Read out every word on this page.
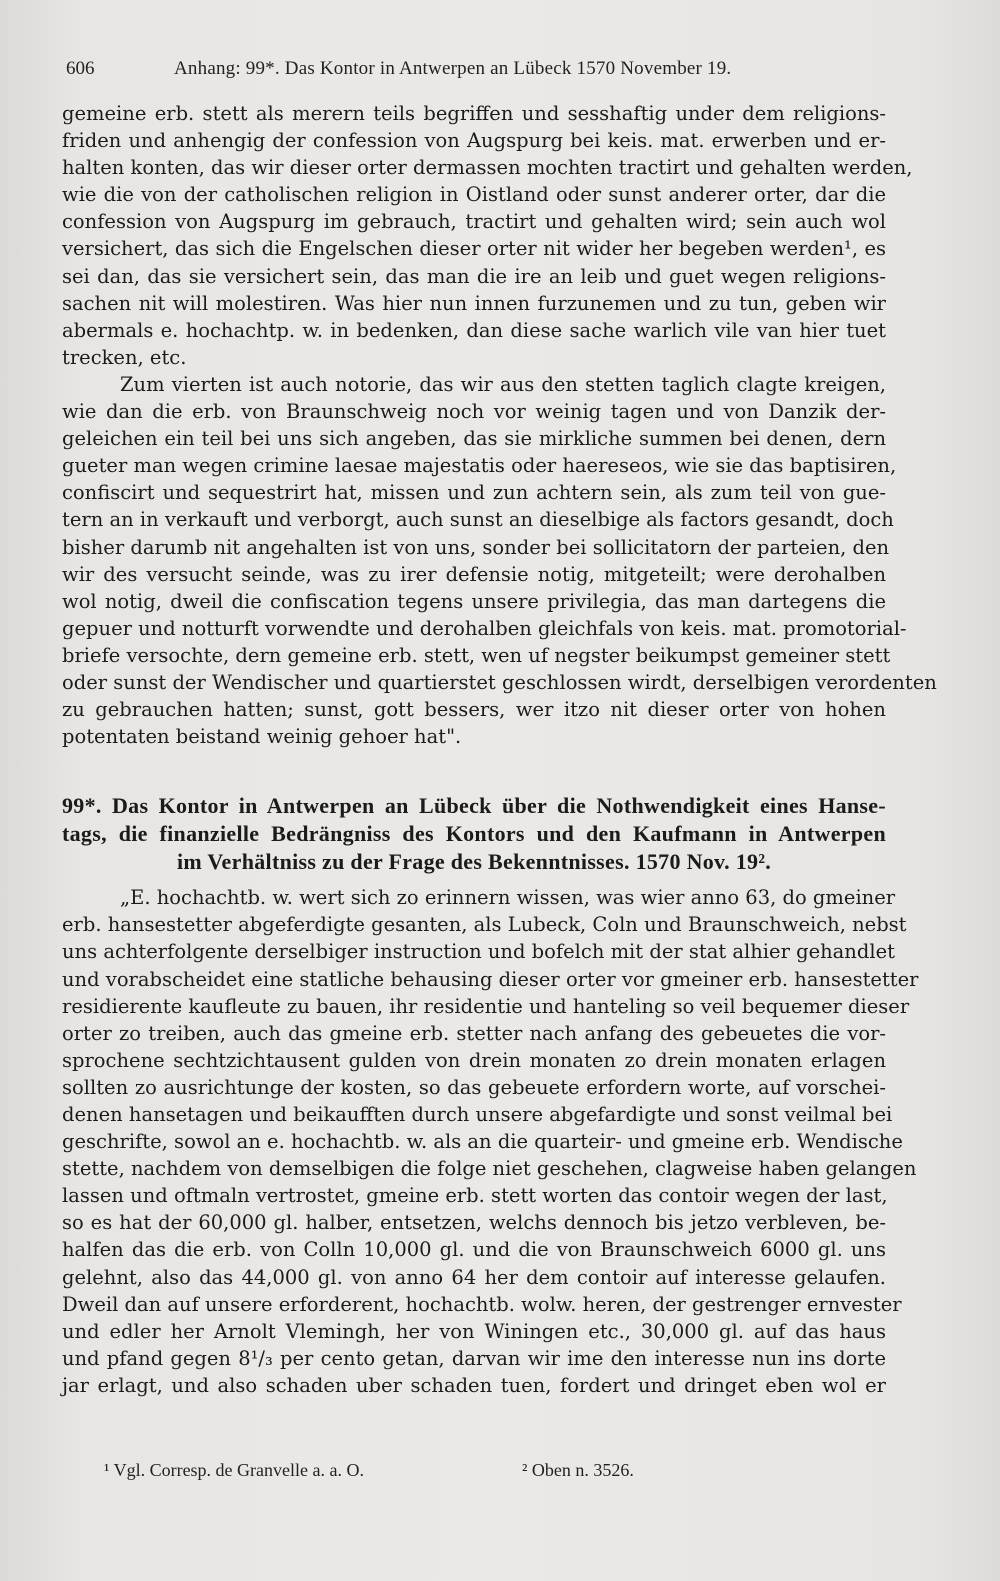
606	Anhang: 99*. Das Kontor in Antwerpen an Lübeck 1570 November 19.
gemeine erb. stett als merern teils begriffen und sesshaftig under dem religions-
friden und anhengig der confession von Augspurg bei keis. mat. erwerben und er-
halten konten, das wir dieser orter dermassen mochten tractirt und gehalten werden,
wie die von der catholischen religion in Oistland oder sunst anderer orter, dar die
confession von Augspurg im gebrauch, tractirt und gehalten wird; sein auch wol
versichert, das sich die Engelschen dieser orter nit wider her begeben werden¹, es
sei dan, das sie versichert sein, das man die ire an leib und guet wegen religions-
sachen nit will molestiren. Was hier nun innen furzunemen und zu tun, geben wir
abermals e. hochachtp. w. in bedenken, dan diese sache warlich vile van hier tuet
trecken, etc.
Zum vierten ist auch notorie, das wir aus den stetten taglich clagte kreigen,
wie dan die erb. von Braunschweig noch vor weinig tagen und von Danzik der-
geleichen ein teil bei uns sich angeben, das sie mirkliche summen bei denen, dern
gueter man wegen crimine laesae majestatis oder haereseos, wie sie das baptisiren,
confiscirt und sequestrirt hat, missen und zun achtern sein, als zum teil von gue-
tern an in verkauft und verborgt, auch sunst an dieselbige als factors gesandt, doch
bisher darumb nit angehalten ist von uns, sonder bei sollicitatorn der parteien, den
wir des versucht seinde, was zu irer defensie notig, mitgeteilt; were derohalben
wol notig, dweil die confiscation tegens unsere privilegia, das man dartegens die
gepuer und notturft vorwendte und derohalben gleichfals von keis. mat. promotorial-
briefe versochte, dern gemeine erb. stett, wen uf negster beikumpst gemeiner stett
oder sunst der Wendischer und quartierstet geschlossen wirdt, derselbigen verordenten
zu gebrauchen hatten; sunst, gott bessers, wer itzo nit dieser orter von hohen
potentaten beistand weinig gehoer hat".
99*. Das Kontor in Antwerpen an Lübeck über die Nothwendigkeit eines Hanse-
tags, die finanzielle Bedrängniss des Kontors und den Kaufmann in Antwerpen
im Verhältniss zu der Frage des Bekenntnisses. 1570 Nov. 19².
„E. hochachtb. w. wert sich zo erinnern wissen, was wier anno 63, do gmeiner
erb. hansestetter abgeferdigte gesanten, als Lubeck, Coln und Braunschweich, nebst
uns achterfolgente derselbiger instruction und bofelch mit der stat alhier gehandlet
und vorabscheidet eine statliche behausing dieser orter vor gmeiner erb. hansestetter
residierente kaufleute zu bauen, ihr residentie und hanteling so veil bequemer dieser
orter zo treiben, auch das gmeine erb. stetter nach anfang des gebeuetes die vor-
sprochene sechtzichtausent gulden von drein monaten zo drein monaten erlagen
sollten zo ausrichtunge der kosten, so das gebeuete erfordern worte, auf vorschei-
denen hansetagen und beikaufften durch unsere abgefardigte und sonst veilmal bei
geschrifte, sowol an e. hochachtb. w. als an die quarteir- und gmeine erb. Wendische
stette, nachdem von demselbigen die folge niet geschehen, clagweise haben gelangen
lassen und oftmaln vertrostet, gmeine erb. stett worten das contoir wegen der last,
so es hat der 60,000 gl. halber, entsetzen, welchs dennoch bis jetzo verbleven, be-
halfen das die erb. von Colln 10,000 gl. und die von Braunschweich 6000 gl. uns
gelehnt, also das 44,000 gl. von anno 64 her dem contoir auf interesse gelaufen.
Dweil dan auf unsere erforderent, hochachtb. wolw. heren, der gestrenger ernvester
und edler her Arnolt Vlemingh, her von Winingen etc., 30,000 gl. auf das haus
und pfand gegen 8¹/₃ per cento getan, darvan wir ime den interesse nun ins dorte
jar erlagt, und also schaden uber schaden tuen, fordert und dringet eben wol er
¹ Vgl. Corresp. de Granvelle a. a. O.	² Oben n. 3526.
